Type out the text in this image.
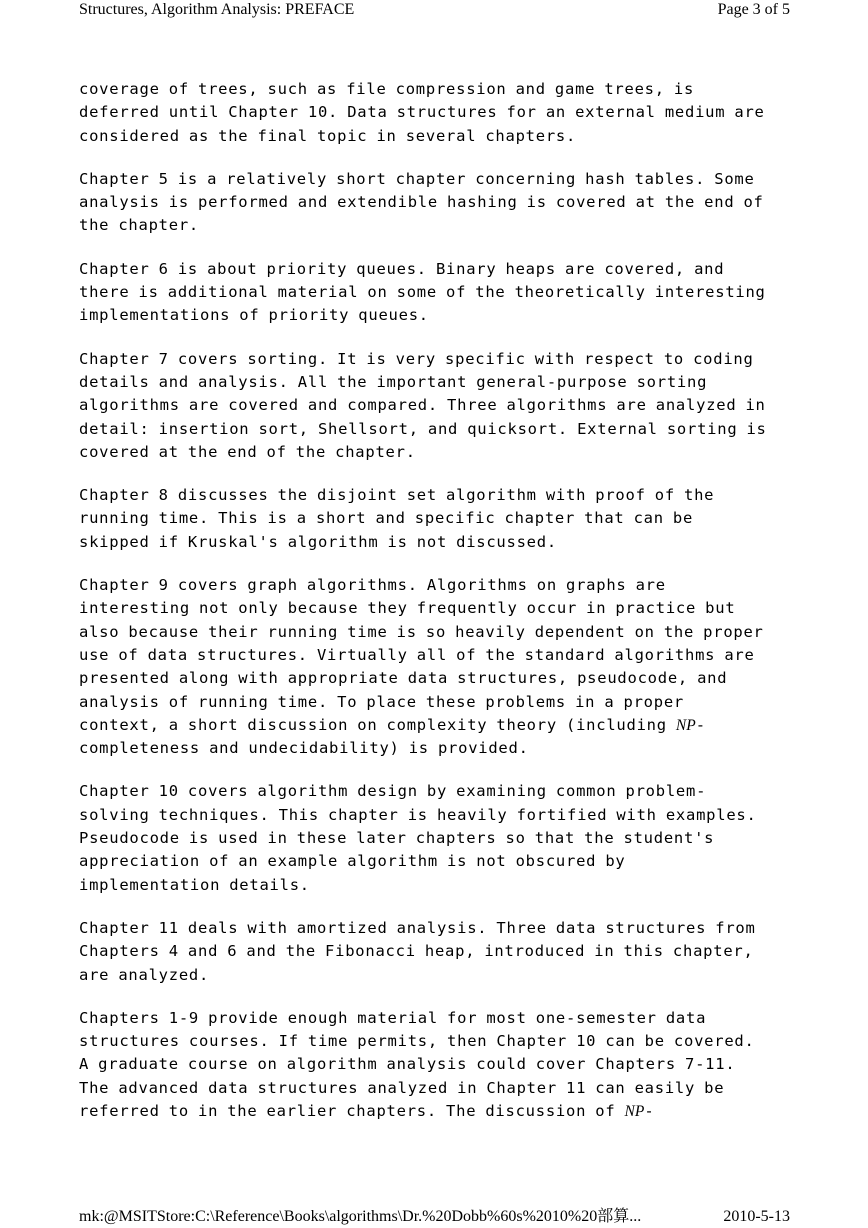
Structures, Algorithm Analysis: PREFACE	Page 3 of 5
coverage of trees, such as file compression and game trees, is
deferred until Chapter 10. Data structures for an external medium are
considered as the final topic in several chapters.
Chapter 5 is a relatively short chapter concerning hash tables. Some
analysis is performed and extendible hashing is covered at the end of
the chapter.
Chapter 6 is about priority queues. Binary heaps are covered, and
there is additional material on some of the theoretically interesting
implementations of priority queues.
Chapter 7 covers sorting. It is very specific with respect to coding
details and analysis. All the important general-purpose sorting
algorithms are covered and compared. Three algorithms are analyzed in
detail: insertion sort, Shellsort, and quicksort. External sorting is
covered at the end of the chapter.
Chapter 8 discusses the disjoint set algorithm with proof of the
running time. This is a short and specific chapter that can be
skipped if Kruskal's algorithm is not discussed.
Chapter 9 covers graph algorithms. Algorithms on graphs are
interesting not only because they frequently occur in practice but
also because their running time is so heavily dependent on the proper
use of data structures. Virtually all of the standard algorithms are
presented along with appropriate data structures, pseudocode, and
analysis of running time. To place these problems in a proper
context, a short discussion on complexity theory (including NP-
completeness and undecidability) is provided.
Chapter 10 covers algorithm design by examining common problem-
solving techniques. This chapter is heavily fortified with examples.
Pseudocode is used in these later chapters so that the student's
appreciation of an example algorithm is not obscured by
implementation details.
Chapter 11 deals with amortized analysis. Three data structures from
Chapters 4 and 6 and the Fibonacci heap, introduced in this chapter,
are analyzed.
Chapters 1-9 provide enough material for most one-semester data
structures courses. If time permits, then Chapter 10 can be covered.
A graduate course on algorithm analysis could cover Chapters 7-11.
The advanced data structures analyzed in Chapter 11 can easily be
referred to in the earlier chapters. The discussion of NP-
mk:@MSITStore:C:\Reference\Books\algorithms\Dr.%20Dobb%60s%2010%20部算...	2010-5-13
